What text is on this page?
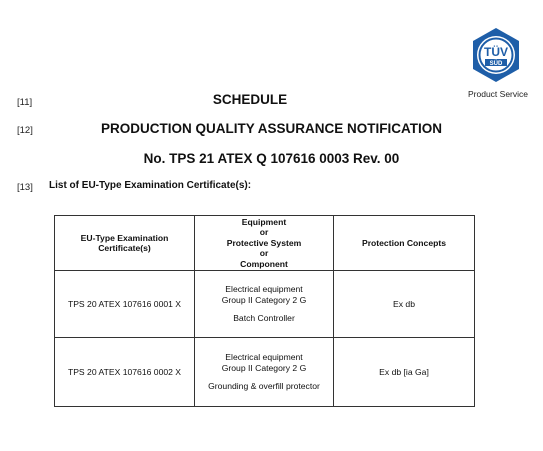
TÜV
SÜD
Product Service
[11]
[12]
[13]
SCHEDULE
PRODUCTION QUALITY ASSURANCE NOTIFICATION
No. TPS 21 ATEX Q 107616 0003 Rev. 00
List of EU-Type Examination Certificate(s):
EU-Type Examination
Certificate(s)
Equipment
or
Protective System
or
Component
Protection Concepts
TPS 20 ATEX 107616 0001 X
Electrical equipment
Group II Category 2 G
Batch Controller
Ex db
TPS 20 ATEX 107616 0002 X
Electrical equipment
Group II Category 2 G
Grounding & overfill protector
Ex db [ia Ga]
